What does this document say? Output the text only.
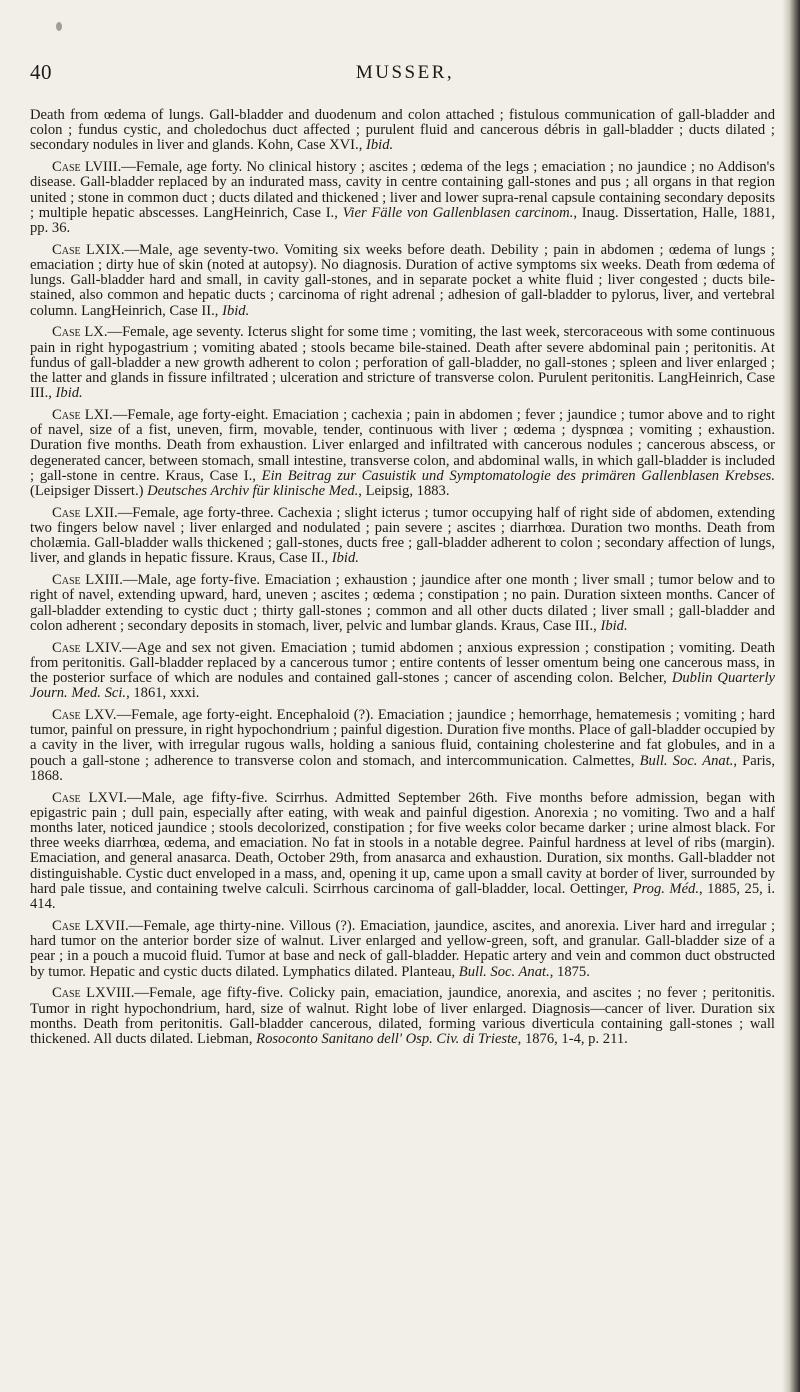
40	MUSSER,

Death from œdema of lungs. Gall-bladder and duodenum and colon attached ; fistulous communication of gall-bladder and colon ; fundus cystic, and choledochus duct affected ; purulent fluid and cancerous débris in gall-bladder ; ducts dilated ; secondary nodules in liver and glands. Kohn, Case XVI., Ibid.

Case LVIII.—Female, age forty. No clinical history ; ascites ; œdema of the legs ; emaciation ; no jaundice ; no Addison's disease. Gall-bladder replaced by an indurated mass, cavity in centre containing gall-stones and pus ; all organs in that region united ; stone in common duct ; ducts dilated and thickened ; liver and lower supra-renal capsule containing secondary deposits ; multiple hepatic abscesses. LangHeinrich, Case I., Vier Fälle von Gallenblasen carcinom., Inaug. Dissertation, Halle, 1881, pp. 36.

Case LXIX.—Male, age seventy-two. Vomiting six weeks before death. Debility ; pain in abdomen ; œdema of lungs ; emaciation ; dirty hue of skin (noted at autopsy). No diagnosis. Duration of active symptoms six weeks. Death from œdema of lungs. Gall-bladder hard and small, in cavity gall-stones, and in separate pocket a white fluid ; liver congested ; ducts bile-stained, also common and hepatic ducts ; carcinoma of right adrenal ; adhesion of gall-bladder to pylorus, liver, and vertebral column. LangHeinrich, Case II., Ibid.

Case LX.—Female, age seventy. Icterus slight for some time ; vomiting, the last week, stercoraceous with some continuous pain in right hypogastrium ; vomiting abated ; stools became bile-stained. Death after severe abdominal pain ; peritonitis. At fundus of gall-bladder a new growth adherent to colon ; perforation of gall-bladder, no gall-stones ; spleen and liver enlarged ; the latter and glands in fissure infiltrated ; ulceration and stricture of transverse colon. Purulent peritonitis. LangHeinrich, Case III., Ibid.

Case LXI.—Female, age forty-eight. Emaciation ; cachexia ; pain in abdomen ; fever ; jaundice ; tumor above and to right of navel, size of a fist, uneven, firm, movable, tender, continuous with liver ; œdema ; dyspnœa ; vomiting ; exhaustion. Duration five months. Death from exhaustion. Liver enlarged and infiltrated with cancerous nodules ; cancerous abscess, or degenerated cancer, between stomach, small intestine, transverse colon, and abdominal walls, in which gall-bladder is included ; gall-stone in centre. Kraus, Case I., Ein Beitrag zur Casuistik und Symptomatologie des primären Gallenblasen Krebses. (Leipsiger Dissert.) Deutsches Archiv für klinische Med., Leipsig, 1883.

Case LXII.—Female, age forty-three. Cachexia ; slight icterus ; tumor occupying half of right side of abdomen, extending two fingers below navel ; liver enlarged and nodulated ; pain severe ; ascites ; diarrhœa. Duration two months. Death from cholæmia. Gall-bladder walls thickened ; gall-stones, ducts free ; gall-bladder adherent to colon ; secondary affection of lungs, liver, and glands in hepatic fissure. Kraus, Case II., Ibid.

Case LXIII.—Male, age forty-five. Emaciation ; exhaustion ; jaundice after one month ; liver small ; tumor below and to right of navel, extending upward, hard, uneven ; ascites ; œdema ; constipation ; no pain. Duration sixteen months. Cancer of gall-bladder extending to cystic duct ; thirty gall-stones ; common and all other ducts dilated ; liver small ; gall-bladder and colon adherent ; secondary deposits in stomach, liver, pelvic and lumbar glands. Kraus, Case III., Ibid.

Case LXIV.—Age and sex not given. Emaciation ; tumid abdomen ; anxious expression ; constipation ; vomiting. Death from peritonitis. Gall-bladder replaced by a cancerous tumor ; entire contents of lesser omentum being one cancerous mass, in the posterior surface of which are nodules and contained gall-stones ; cancer of ascending colon. Belcher, Dublin Quarterly Journ. Med. Sci., 1861, xxxi.

Case LXV.—Female, age forty-eight. Encephaloid (?). Emaciation ; jaundice ; hemorrhage, hematemesis ; vomiting ; hard tumor, painful on pressure, in right hypochondrium ; painful digestion. Duration five months. Place of gall-bladder occupied by a cavity in the liver, with irregular rugous walls, holding a sanious fluid, containing cholesterine and fat globules, and in a pouch a gall-stone ; adherence to transverse colon and stomach, and intercommunication. Calmettes, Bull. Soc. Anat., Paris, 1868.

Case LXVI.—Male, age fifty-five. Scirrhus. Admitted September 26th. Five months before admission, began with epigastric pain ; dull pain, especially after eating, with weak and painful digestion. Anorexia ; no vomiting. Two and a half months later, noticed jaundice ; stools decolorized, constipation ; for five weeks color became darker ; urine almost black. For three weeks diarrhœa, œdema, and emaciation. No fat in stools in a notable degree. Painful hardness at level of ribs (margin). Emaciation, and general anasarca. Death, October 29th, from anasarca and exhaustion. Duration, six months. Gall-bladder not distinguishable. Cystic duct enveloped in a mass, and, opening it up, came upon a small cavity at border of liver, surrounded by hard pale tissue, and containing twelve calculi. Scirrhous carcinoma of gall-bladder, local. Oettinger, Prog. Méd., 1885, 25, i. 414.

Case LXVII.—Female, age thirty-nine. Villous (?). Emaciation, jaundice, ascites, and anorexia. Liver hard and irregular ; hard tumor on the anterior border size of walnut. Liver enlarged and yellow-green, soft, and granular. Gall-bladder size of a pear ; in a pouch a mucoid fluid. Tumor at base and neck of gall-bladder. Hepatic artery and vein and common duct obstructed by tumor. Hepatic and cystic ducts dilated. Lymphatics dilated. Planteau, Bull. Soc. Anat., 1875.

Case LXVIII.—Female, age fifty-five. Colicky pain, emaciation, jaundice, anorexia, and ascites ; no fever ; peritonitis. Tumor in right hypochondrium, hard, size of walnut. Right lobe of liver enlarged. Diagnosis—cancer of liver. Duration six months. Death from peritonitis. Gall-bladder cancerous, dilated, forming various diverticula containing gall-stones ; wall thickened. All ducts dilated. Liebman, Rosoconto Sanitano dell' Osp. Civ. di Trieste, 1876, 1-4, p. 211.
